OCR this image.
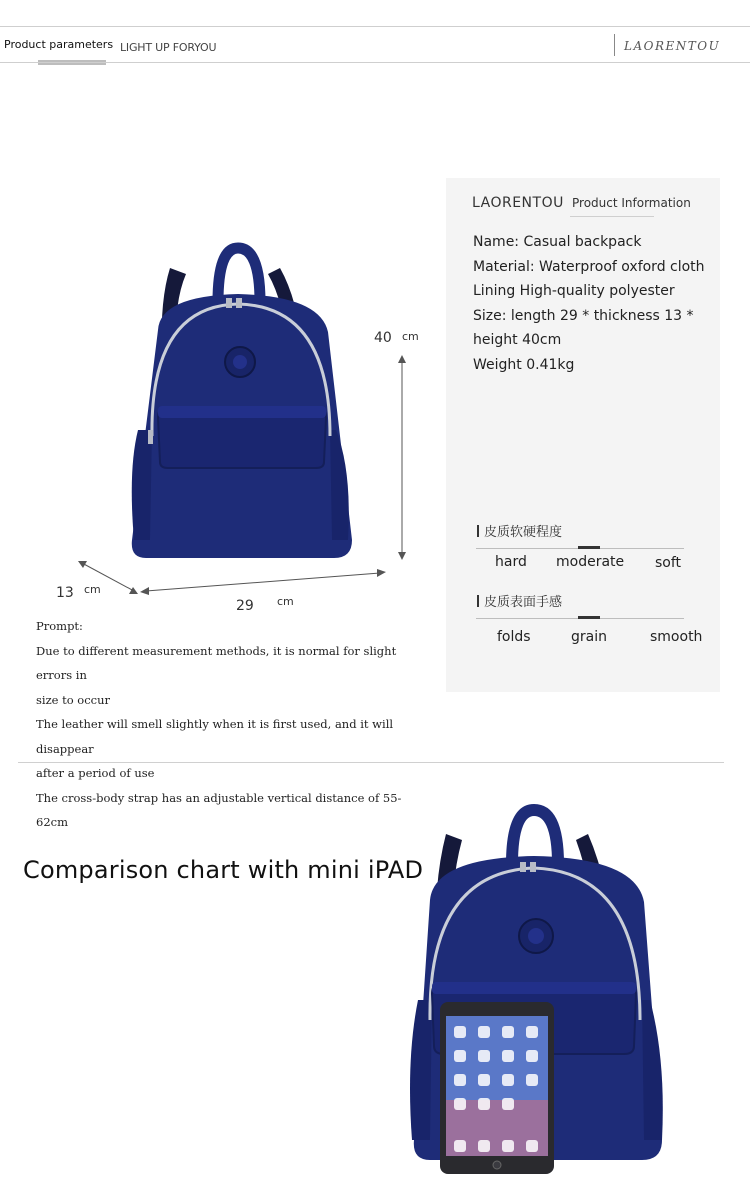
Product parameters LIGHT UP FORYOU	LAORENTOU
40 cm
13 cm
29 cm
LAORENTOU Product Information
Name: Casual backpack
Material: Waterproof oxford cloth
Lining High-quality polyester
Size: length 29 * thickness 13 *
height 40cm
Weight 0.41kg
皮质软硬程度
hard moderate soft
皮质表面手感
folds	grain	smooth
Prompt:
Due to different measurement methods, it is normal for slight errors in
size to occur
The leather will smell slightly when it is first used, and it will disappear
after a period of use
The cross-body strap has an adjustable vertical distance of 55-62cm
Comparison chart with mini iPAD
